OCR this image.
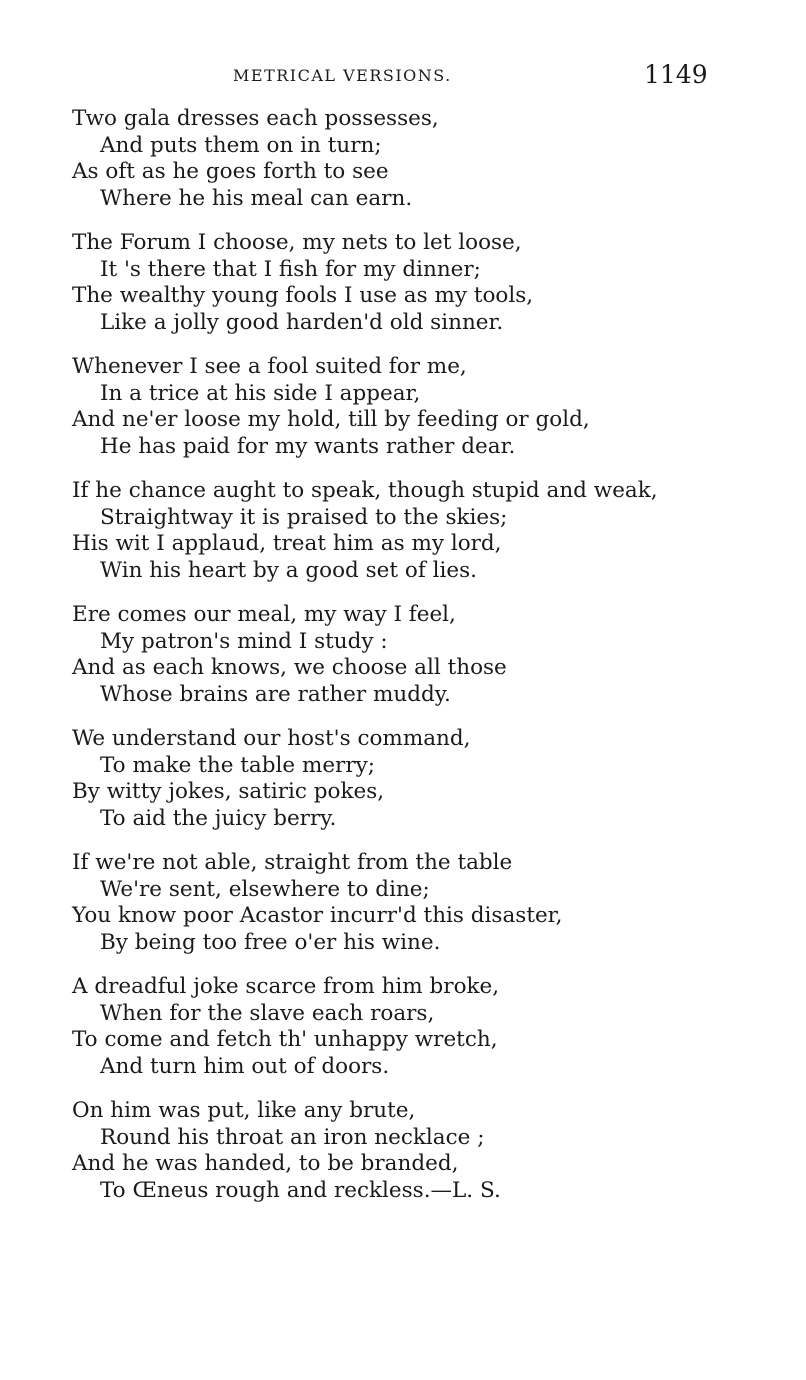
METRICAL VERSIONS.	1149
Two gala dresses each possesses,
And puts them on in turn;
As oft as he goes forth to see
Where he his meal can earn.
The Forum I choose, my nets to let loose,
It 's there that I fish for my dinner;
The wealthy young fools I use as my tools,
Like a jolly good harden'd old sinner.
Whenever I see a fool suited for me,
In a trice at his side I appear,
And ne'er loose my hold, till by feeding or gold,
He has paid for my wants rather dear.
If he chance aught to speak, though stupid and weak,
Straightway it is praised to the skies;
His wit I applaud, treat him as my lord,
Win his heart by a good set of lies.
Ere comes our meal, my way I feel,
My patron's mind I study :
And as each knows, we choose all those
Whose brains are rather muddy.
We understand our host's command,
To make the table merry;
By witty jokes, satiric pokes,
To aid the juicy berry.
If we're not able, straight from the table
We're sent, elsewhere to dine;
You know poor Acastor incurr'd this disaster,
By being too free o'er his wine.
A dreadful joke scarce from him broke,
When for the slave each roars,
To come and fetch th' unhappy wretch,
And turn him out of doors.
On him was put, like any brute,
Round his throat an iron necklace ;
And he was handed, to be branded,
To Œneus rough and reckless.—L. S.
